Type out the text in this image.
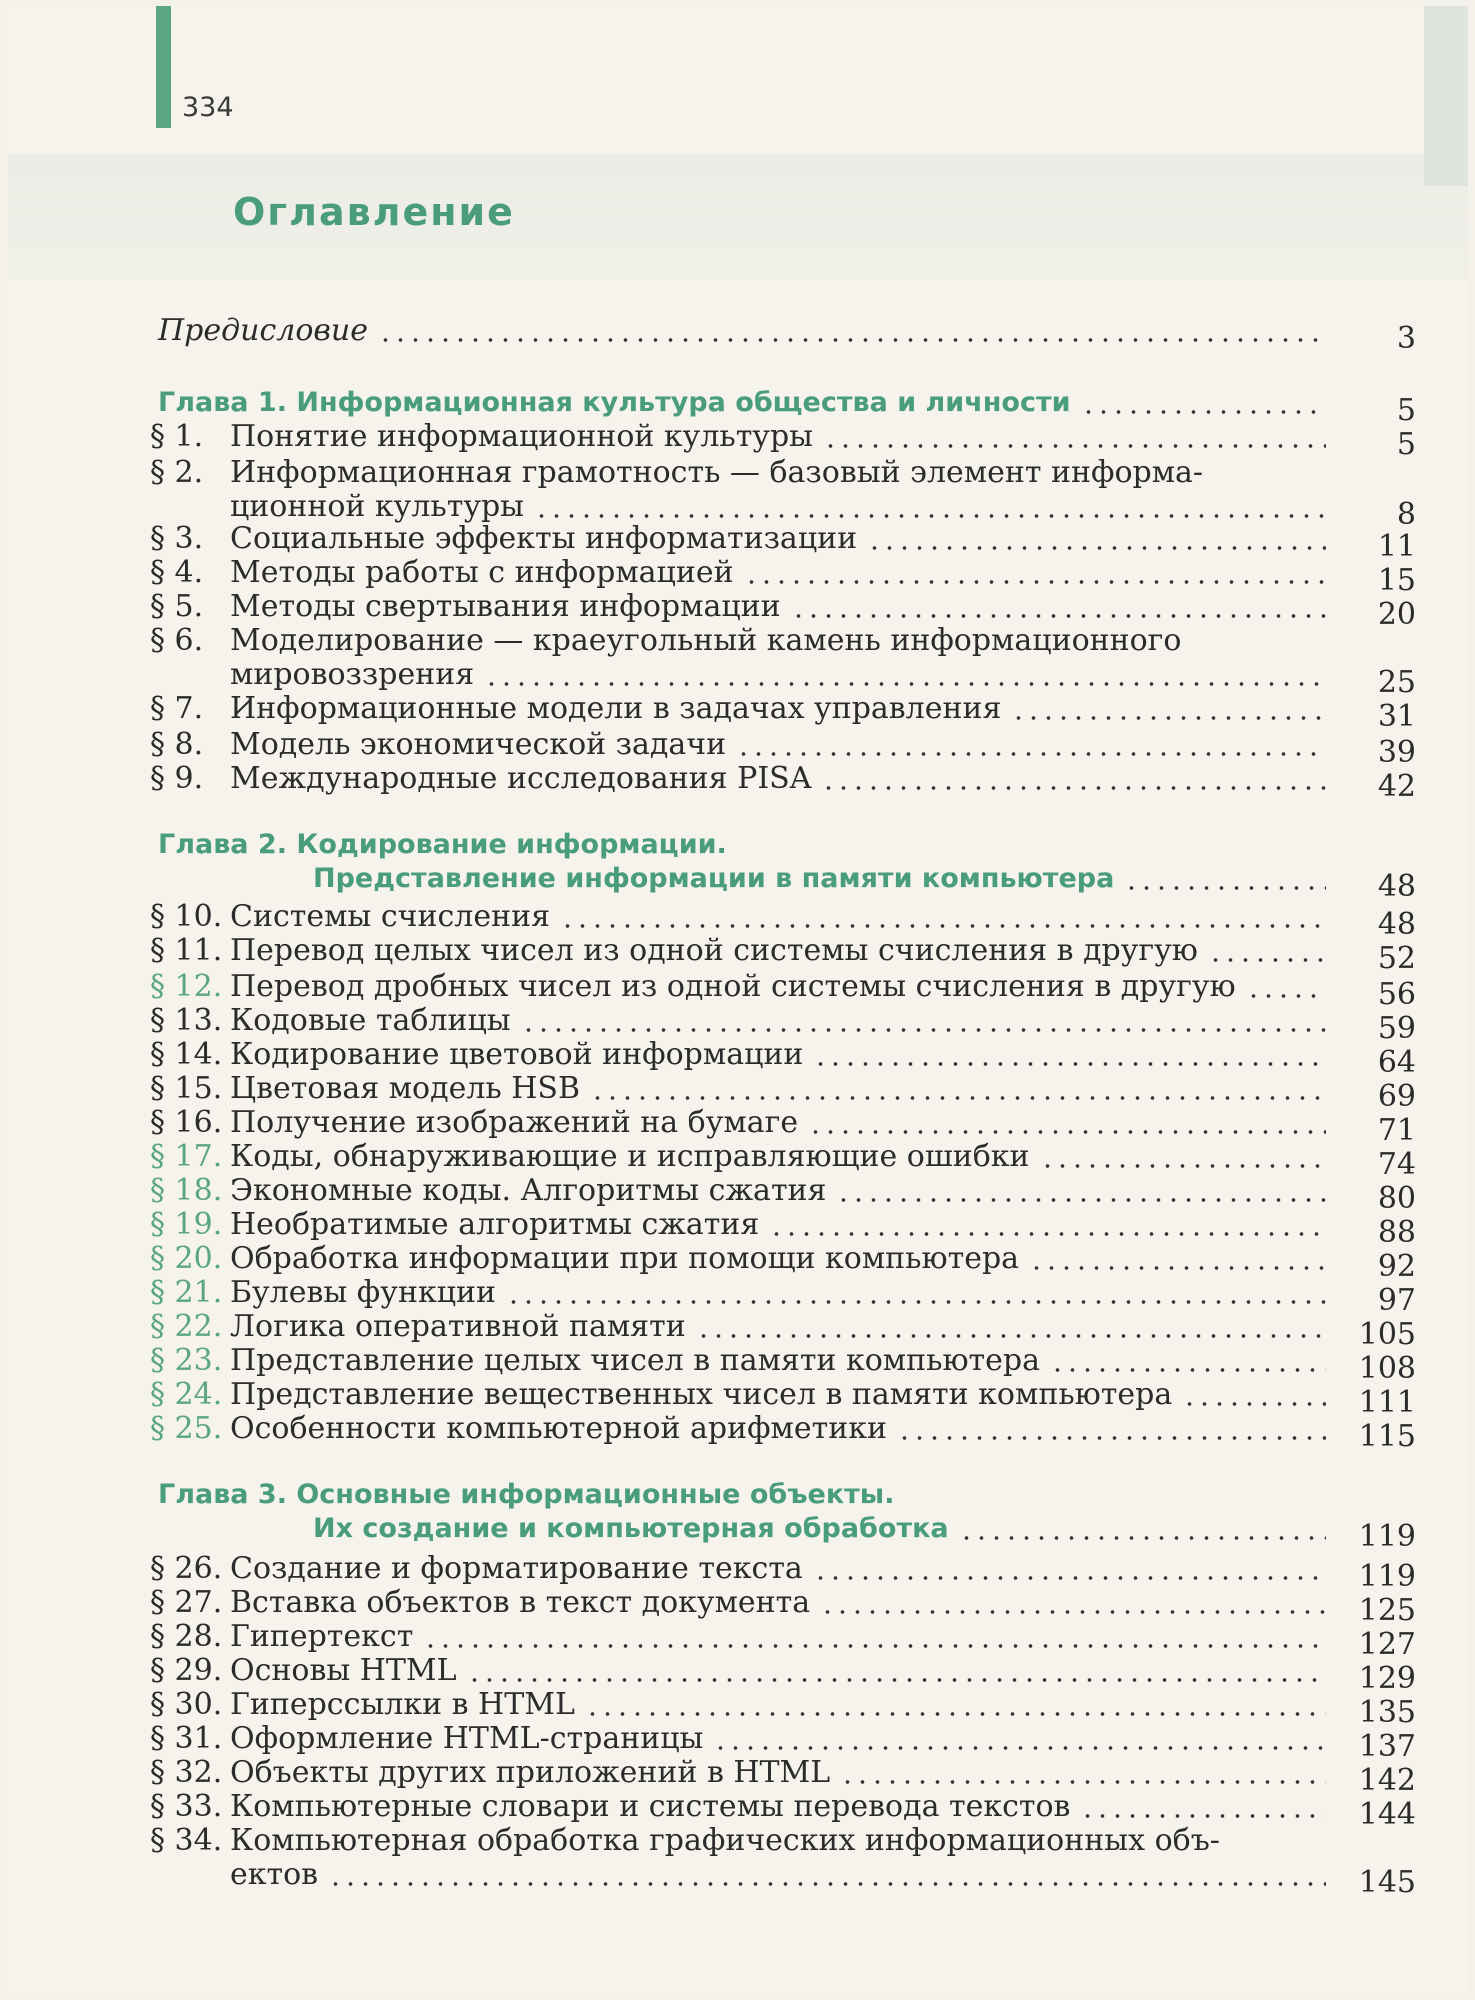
334
Оглавление
Предисловие	3
Глава 1. Информационная культура общества и личности	5
§ 1. Понятие информационной культуры	5
§ 2. Информационная грамотность — базовый элемент информа-
ционной культуры	8
§ 3. Социальные эффекты информатизации	11
§ 4. Методы работы с информацией	15
§ 5. Методы свертывания информации	20
§ 6. Моделирование — краеугольный камень информационного
мировоззрения	25
§ 7. Информационные модели в задачах управления	31
§ 8. Модель экономической задачи	39
§ 9. Международные исследования PISA	42
Глава 2. Кодирование информации.
Представление информации в памяти компьютера	48
§ 10. Системы счисления	48
§ 11. Перевод целых чисел из одной системы счисления в другую	52
§ 12. Перевод дробных чисел из одной системы счисления в другую	56
§ 13. Кодовые таблицы	59
§ 14. Кодирование цветовой информации	64
§ 15. Цветовая модель HSB	69
§ 16. Получение изображений на бумаге	71
§ 17. Коды, обнаруживающие и исправляющие ошибки	74
§ 18. Экономные коды. Алгоритмы сжатия	80
§ 19. Необратимые алгоритмы сжатия	88
§ 20. Обработка информации при помощи компьютера	92
§ 21. Булевы функции	97
§ 22. Логика оперативной памяти	105
§ 23. Представление целых чисел в памяти компьютера	108
§ 24. Представление вещественных чисел в памяти компьютера	111
§ 25. Особенности компьютерной арифметики	115
Глава 3. Основные информационные объекты.
Их создание и компьютерная обработка	119
§ 26. Создание и форматирование текста	119
§ 27. Вставка объектов в текст документа	125
§ 28. Гипертекст	127
§ 29. Основы HTML	129
§ 30. Гиперссылки в HTML	135
§ 31. Оформление HTML-страницы	137
§ 32. Объекты других приложений в HTML	142
§ 33. Компьютерные словари и системы перевода текстов	144
§ 34. Компьютерная обработка графических информационных объ-
ектов	145
